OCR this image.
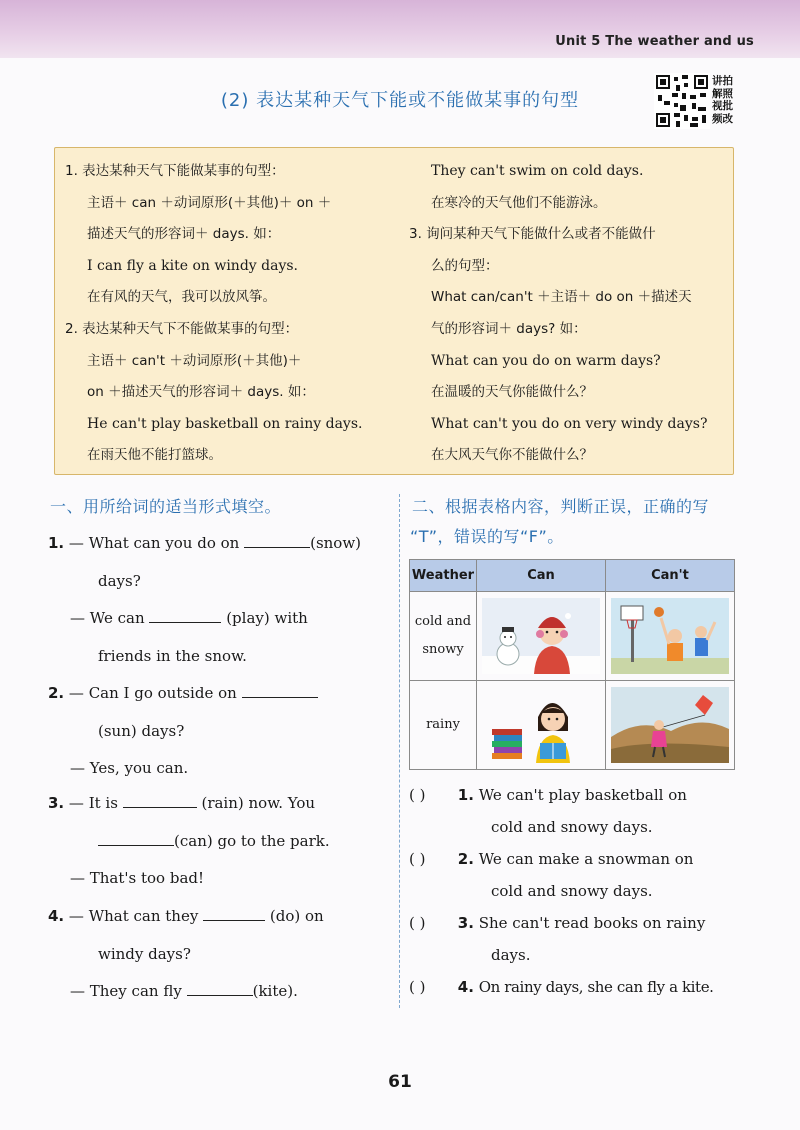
Unit 5 The weather and us
(2) 表达某种天气下能或不能做某事的句型
讲拍
解照
视批
频改

1. 表达某种天气下能做某事的句型：

主语＋ can ＋动词原形(＋其他)＋ on ＋

描述天气的形容词＋ days. 如：

I can fly a kite on windy days.

在有风的天气，我可以放风筝。

2. 表达某种天气下不能做某事的句型：

主语＋ can't ＋动词原形(＋其他)＋

on ＋描述天气的形容词＋ days. 如：

He can't play basketball on rainy days.

在雨天他不能打篮球。

They can't swim on cold days.

在寒冷的天气他们不能游泳。

3. 询问某种天气下能做什么或者不能做什

么的句型：

What can/can't ＋主语＋ do on ＋描述天

气的形容词＋ days? 如：

What can you do on warm days?

在温暖的天气你能做什么？

What can't you do on very windy days?

在大风天气你不能做什么？

一、用所给词的适当形式填空。

1. — What can you do on	(snow)

days?

— We can	(play) with

friends in the snow.

2. — Can I go outside on

(sun) days?

— Yes, you can.

3. — It is	(rain) now. You

(can) go to the park.

— That's too bad!

4. — What can they	(do) on

windy days?

— They can fly	(kite).

二、根据表格内容，判断正误，正确的写
“T”，错误的写“F”。
Weather	Can	Can't

cold and
snowy

rainy

( ) 1. We can't play basketball on

cold and snowy days.

( ) 2. We can make a snowman on

cold and snowy days.

( ) 3. She can't read books on rainy

days.

( ) 4. On rainy days, she can fly a kite.

61
